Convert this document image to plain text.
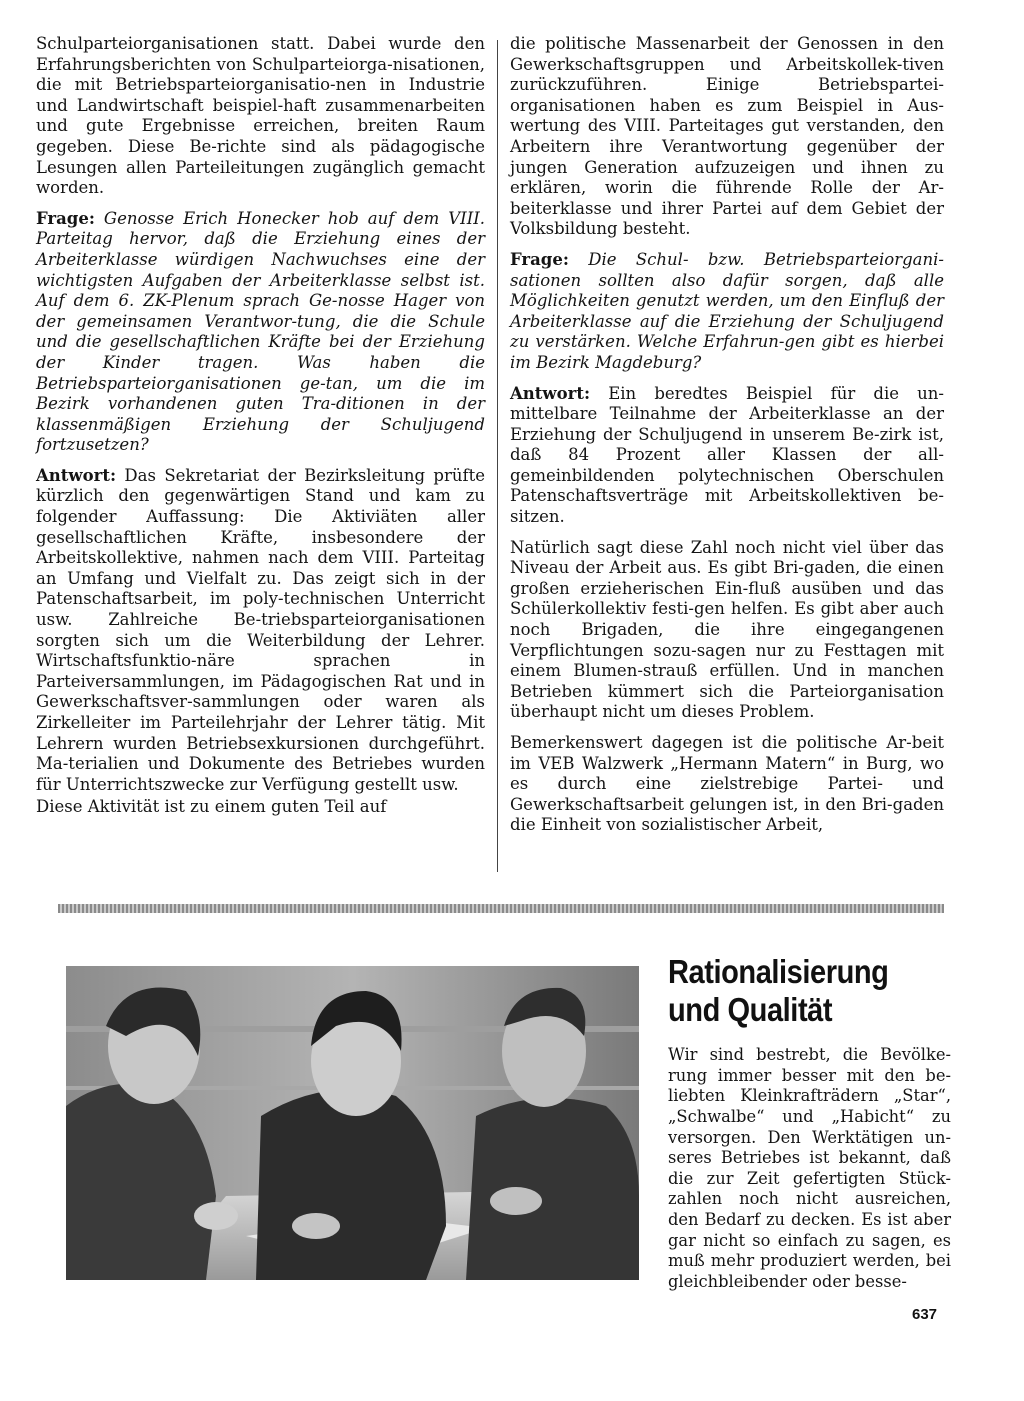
Schulparteiorganisationen statt. Dabei wurde den Erfahrungsberichten von Schulparteiorga-nisationen, die mit Betriebsparteiorganisatio-nen in Industrie und Landwirtschaft beispiel-haft zusammenarbeiten und gute Ergebnisse erreichen, breiten Raum gegeben. Diese Be-richte sind als pädagogische Lesungen allen Parteileitungen zugänglich gemacht worden.

Frage: Genosse Erich Honecker hob auf dem VIII. Parteitag hervor, daß die Erziehung eines der Arbeiterklasse würdigen Nachwuchses eine der wichtigsten Aufgaben der Arbeiterklasse selbst ist. Auf dem 6. ZK-Plenum sprach Ge-nosse Hager von der gemeinsamen Verantwor-tung, die die Schule und die gesellschaftlichen Kräfte bei der Erziehung der Kinder tragen. Was haben die Betriebsparteiorganisationen ge-tan, um die im Bezirk vorhandenen guten Tra-ditionen in der klassenmäßigen Erziehung der Schuljugend fortzusetzen?

Antwort: Das Sekretariat der Bezirksleitung prüfte kürzlich den gegenwärtigen Stand und kam zu folgender Auffassung: Die Aktiviäten aller gesellschaftlichen Kräfte, insbesondere der Arbeitskollektive, nahmen nach dem VIII. Parteitag an Umfang und Vielfalt zu. Das zeigt sich in der Patenschaftsarbeit, im poly-technischen Unterricht usw. Zahlreiche Be-triebsparteiorganisationen sorgten sich um die Weiterbildung der Lehrer. Wirtschaftsfunktio-näre sprachen in Parteiversammlungen, im Pädagogischen Rat und in Gewerkschaftsver-sammlungen oder waren als Zirkelleiter im Parteilehrjahr der Lehrer tätig. Mit Lehrern wurden Betriebsexkursionen durchgeführt. Ma-terialien und Dokumente des Betriebes wurden für Unterrichtszwecke zur Verfügung gestellt usw.

Diese Aktivität ist zu einem guten Teil auf

die politische Massenarbeit der Genossen in den Gewerkschaftsgruppen und Arbeitskollek-tiven zurückzuführen. Einige Betriebspartei-organisationen haben es zum Beispiel in Aus-wertung des VIII. Parteitages gut verstanden, den Arbeitern ihre Verantwortung gegenüber der jungen Generation aufzuzeigen und ihnen zu erklären, worin die führende Rolle der Ar-beiterklasse und ihrer Partei auf dem Gebiet der Volksbildung besteht.

Frage: Die Schul- bzw. Betriebsparteiorgani-sationen sollten also dafür sorgen, daß alle Möglichkeiten genutzt werden, um den Einfluß der Arbeiterklasse auf die Erziehung der Schuljugend zu verstärken. Welche Erfahrun-gen gibt es hierbei im Bezirk Magdeburg?

Antwort: Ein beredtes Beispiel für die un-mittelbare Teilnahme der Arbeiterklasse an der Erziehung der Schuljugend in unserem Be-zirk ist, daß 84 Prozent aller Klassen der all-gemeinbildenden polytechnischen Oberschulen Patenschaftsverträge mit Arbeitskollektiven be-sitzen.

Natürlich sagt diese Zahl noch nicht viel über das Niveau der Arbeit aus. Es gibt Bri-gaden, die einen großen erzieherischen Ein-fluß ausüben und das Schülerkollektiv festi-gen helfen. Es gibt aber auch noch Brigaden, die ihre eingegangenen Verpflichtungen sozu-sagen nur zu Festtagen mit einem Blumen-strauß erfüllen. Und in manchen Betrieben kümmert sich die Parteiorganisation überhaupt nicht um dieses Problem.

Bemerkenswert dagegen ist die politische Ar-beit im VEB Walzwerk „Hermann Matern“ in Burg, wo es durch eine zielstrebige Partei- und Gewerkschaftsarbeit gelungen ist, in den Bri-gaden die Einheit von sozialistischer Arbeit,

Rationalisierung
und Qualität

Wir sind bestrebt, die Bevölke-rung immer besser mit den be-liebten Kleinkrafträdern „Star“, „Schwalbe“ und „Habicht“ zu versorgen. Den Werktätigen un-seres Betriebes ist bekannt, daß die zur Zeit gefertigten Stück-zahlen noch nicht ausreichen, den Bedarf zu decken. Es ist aber gar nicht so einfach zu sagen, es muß mehr produziert werden, bei gleichbleibender oder besse-

637
